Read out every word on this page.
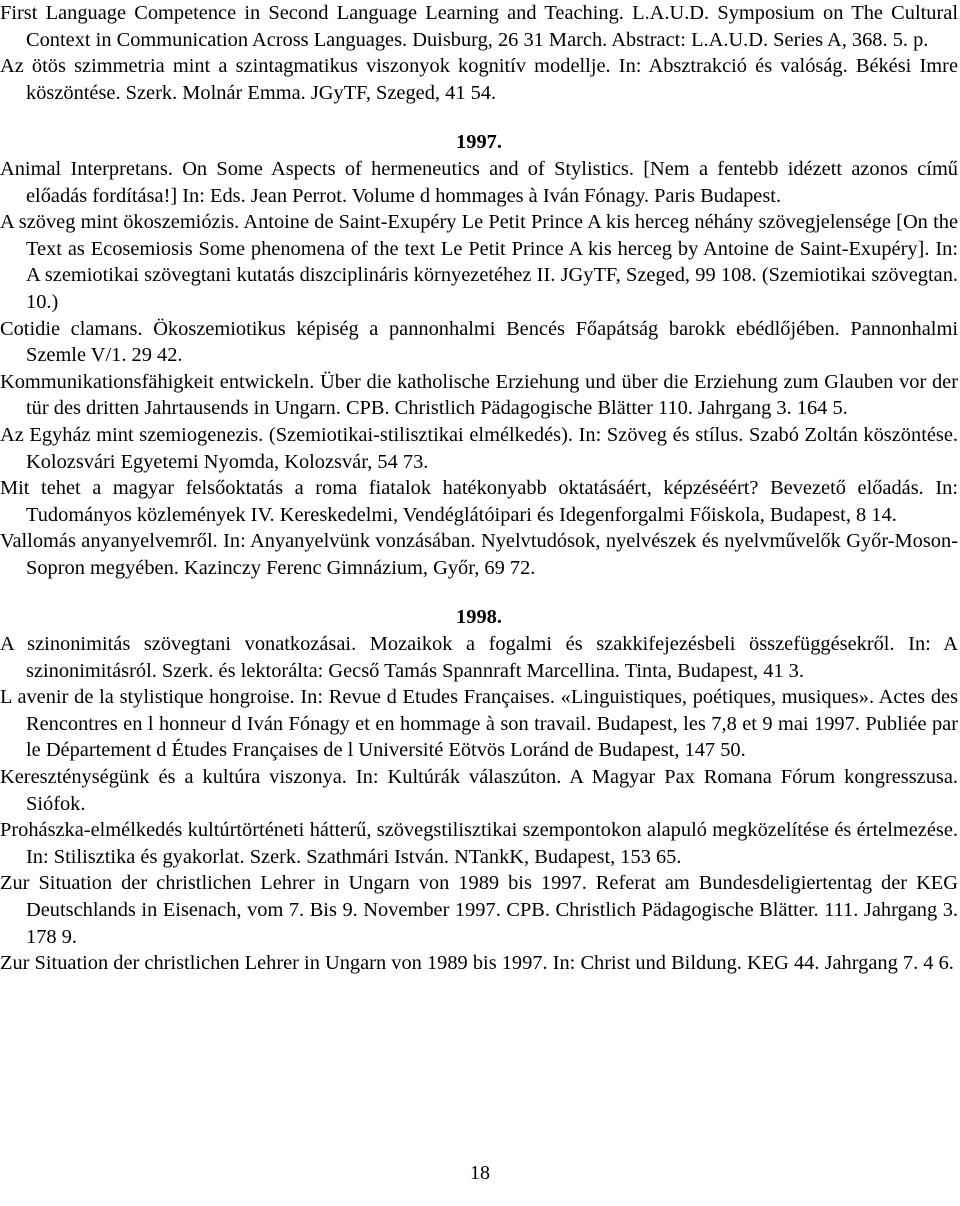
First Language Competence in Second Language Learning and Teaching. L.A.U.D. Symposium on The Cultural Context in Communication Across Languages. Duisburg, 26 31 March. Abstract: L.A.U.D. Series A, 368. 5. p.

Az ötös szimmetria mint a szintagmatikus viszonyok kognitív modellje. In: Absztrakció és valóság. Békési Imre köszöntése. Szerk. Molnár Emma. JGyTF, Szeged, 41 54.

1997.

Animal Interpretans. On Some Aspects of hermeneutics and of Stylistics. [Nem a fentebb idézett azonos című előadás fordítása!] In: Eds. Jean Perrot. Volume d hommages à Iván Fónagy. Paris Budapest.

A szöveg mint ökoszemiózis. Antoine de Saint-Exupéry Le Petit Prince A kis herceg néhány szövegjelensége [On the Text as Ecosemiosis Some phenomena of the text Le Petit Prince A kis herceg by Antoine de Saint-Exupéry]. In: A szemiotikai szövegtani kutatás diszciplináris környezetéhez II. JGyTF, Szeged, 99 108. (Szemiotikai szövegtan. 10.)

Cotidie clamans. Ökoszemiotikus képiség a pannonhalmi Bencés Főapátság barokk ebédlőjében. Pannonhalmi Szemle V/1. 29 42.

Kommunikationsfähigkeit entwickeln. Über die katholische Erziehung und über die Erziehung zum Glauben vor der tür des dritten Jahrtausends in Ungarn. CPB. Christlich Pädagogische Blätter 110. Jahrgang 3. 164 5.

Az Egyház mint szemiogenezis. (Szemiotikai-stilisztikai elmélkedés). In: Szöveg és stílus. Szabó Zoltán köszöntése. Kolozsvári Egyetemi Nyomda, Kolozsvár, 54 73.

Mit tehet a magyar felsőoktatás a roma fiatalok hatékonyabb oktatásáért, képzéséért? Bevezető előadás. In: Tudományos közlemények IV. Kereskedelmi, Vendéglátóipari és Idegenforgalmi Főiskola, Budapest, 8 14.

Vallomás anyanyelvemről. In: Anyanyelvünk vonzásában. Nyelvtudósok, nyelvészek és nyelvművelők Győr-Moson-Sopron megyében. Kazinczy Ferenc Gimnázium, Győr, 69 72.

1998.

A szinonimitás szövegtani vonatkozásai. Mozaikok a fogalmi és szakkifejezésbeli összefüggésekről. In: A szinonimitásról. Szerk. és lektorálta: Gecső Tamás Spannraft Marcellina. Tinta, Budapest, 41 3.

L avenir de la stylistique hongroise. In: Revue d Etudes Françaises. «Linguistiques, poétiques, musiques». Actes des Rencontres en l honneur d Iván Fónagy et en hommage à son travail. Budapest, les 7,8 et 9 mai 1997. Publiée par le Département d Études Françaises de l Université Eötvös Loránd de Budapest, 147 50.

Kereszténységünk és a kultúra viszonya. In: Kultúrák válaszúton. A Magyar Pax Romana Fórum kongresszusa. Siófok.

Prohászka-elmélkedés kultúrtörténeti hátterű, szövegstilisztikai szempontokon alapuló megközelítése és értelmezése. In: Stilisztika és gyakorlat. Szerk. Szathmári István. NTankK, Budapest, 153 65.

Zur Situation der christlichen Lehrer in Ungarn von 1989 bis 1997. Referat am Bundesdeligiertentag der KEG Deutschlands in Eisenach, vom 7. Bis 9. November 1997. CPB. Christlich Pädagogische Blätter. 111. Jahrgang 3. 178 9.

Zur Situation der christlichen Lehrer in Ungarn von 1989 bis 1997. In: Christ und Bildung. KEG 44. Jahrgang 7. 4 6.

18
